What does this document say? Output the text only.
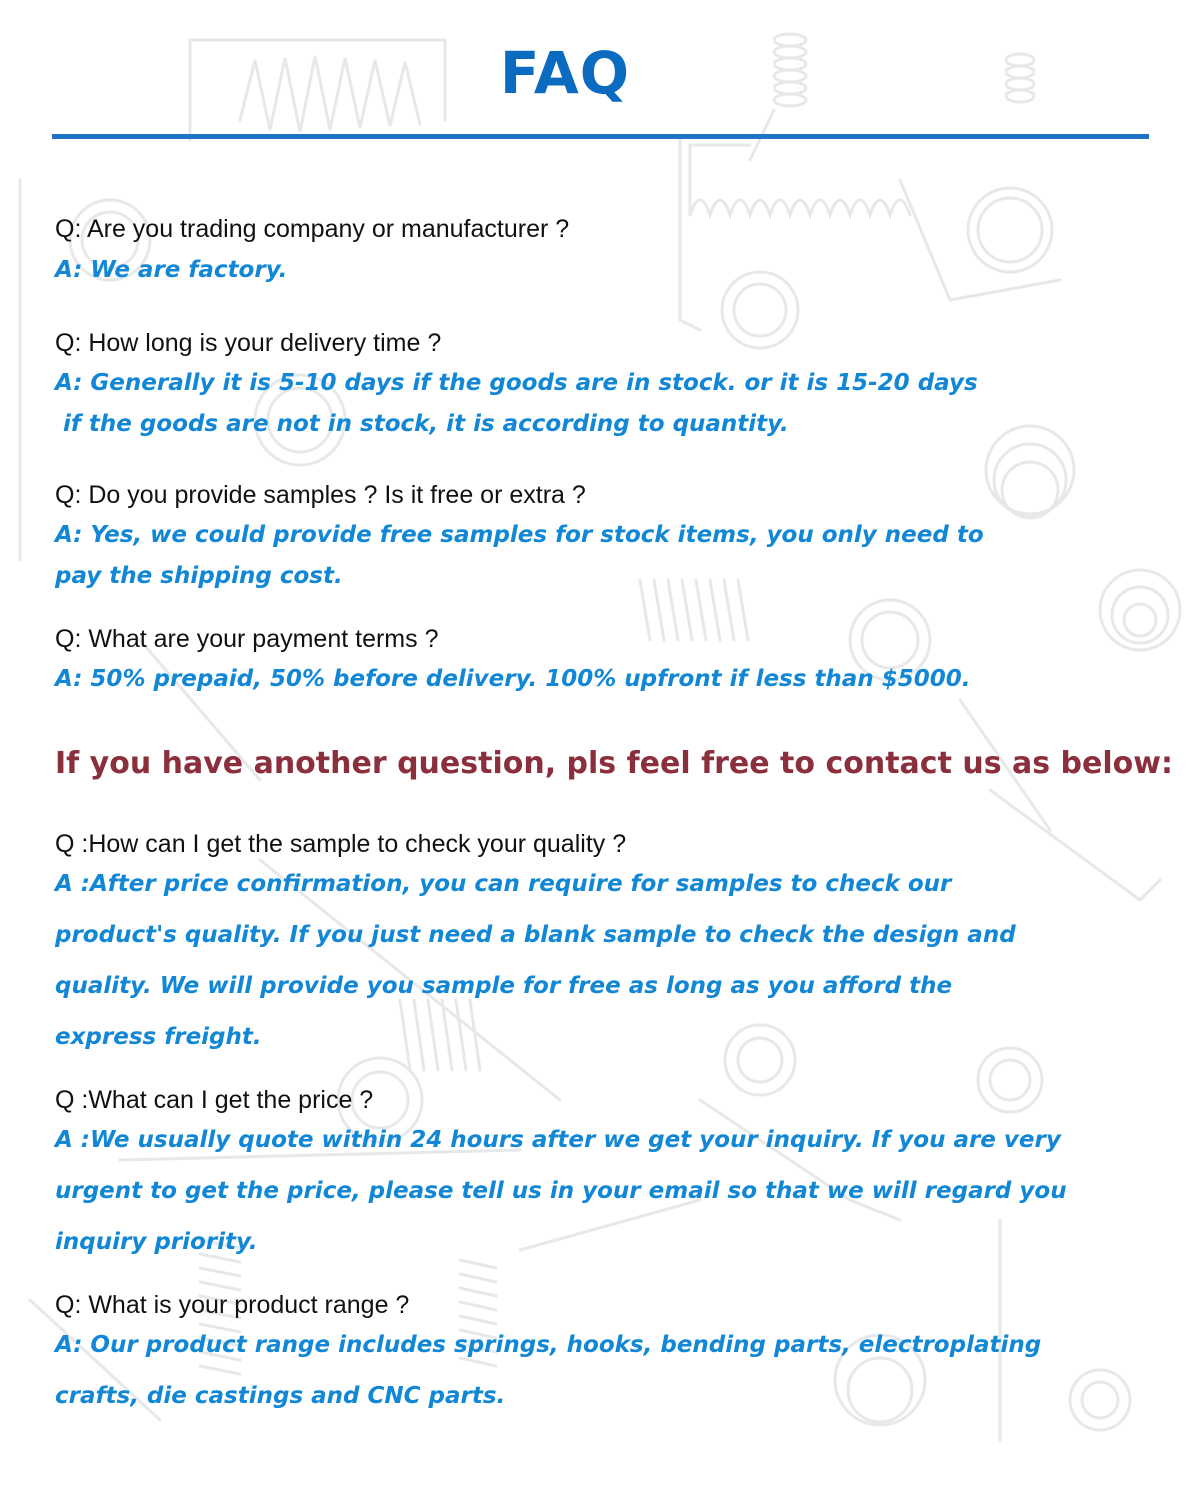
FAQ
Q: Are you trading company or manufacturer ?
A: We are factory.
Q: How long is your delivery time ?
A: Generally it is 5-10 days if the goods are in stock. or it is 15-20 days
if the goods are not in stock, it is according to quantity.
Q: Do you provide samples ? Is it free or extra ?
A: Yes, we could provide free samples for stock items, you only need to
pay the shipping cost.
Q: What are your payment terms ?
A: 50% prepaid, 50% before delivery. 100% upfront if less than $5000.
If you have another question, pls feel free to contact us as below:
Q :How can I get the sample to check your quality ?
A :After price confirmation, you can require for samples to check our
product's quality. If you just need a blank sample to check the design and
quality. We will provide you sample for free as long as you afford the
express freight.
Q :What can I get the price ?
A :We usually quote within 24 hours after we get your inquiry. If you are very
urgent to get the price, please tell us in your email so that we will regard you
inquiry priority.
Q: What is your product range ?
A: Our product range includes springs, hooks, bending parts, electroplating
crafts, die castings and CNC parts.
